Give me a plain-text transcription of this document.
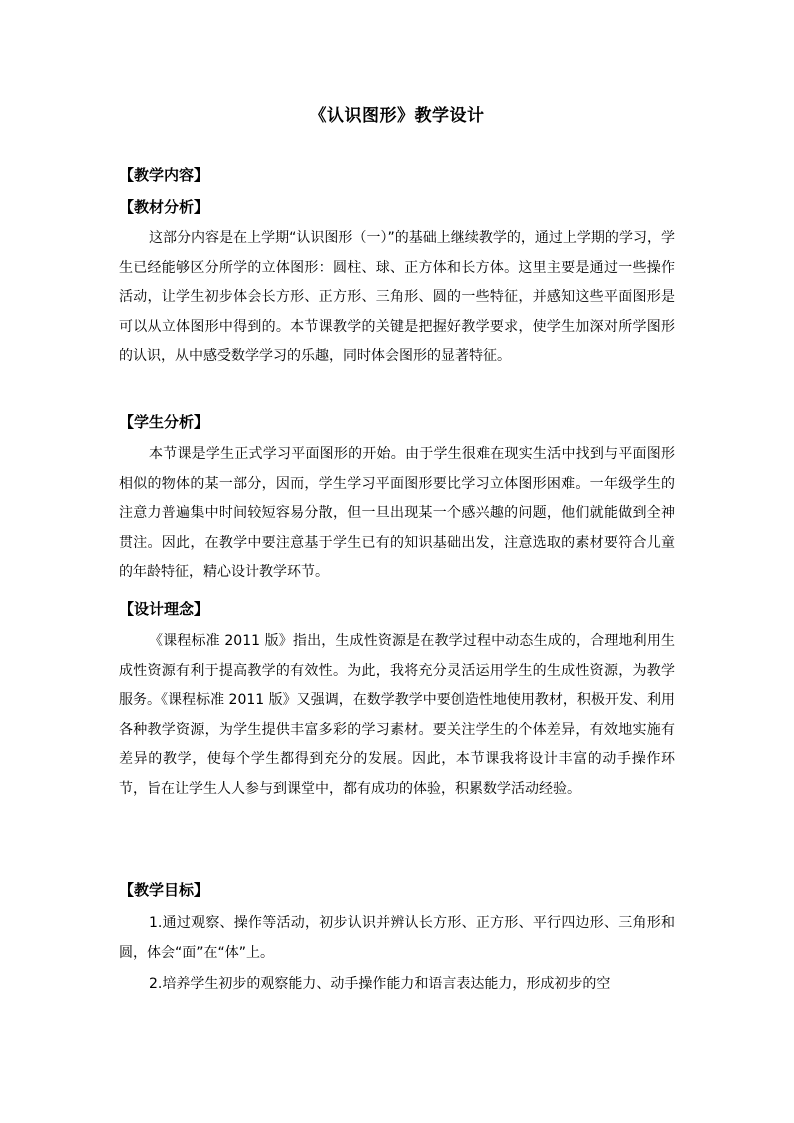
《认识图形》教学设计
【教学内容】
【教材分析】

这部分内容是在上学期“认识图形（一）”的基础上继续教学的，通过上学期的学习，学生已经能够区分所学的立体图形：圆柱、球、正方体和长方体。这里主要是通过一些操作活动，让学生初步体会长方形、正方形、三角形、圆的一些特征，并感知这些平面图形是可以从立体图形中得到的。本节课教学的关键是把握好教学要求，使学生加深对所学图形的认识，从中感受数学学习的乐趣，同时体会图形的显著特征。

【学生分析】

本节课是学生正式学习平面图形的开始。由于学生很难在现实生活中找到与平面图形相似的物体的某一部分，因而，学生学习平面图形要比学习立体图形困难。一年级学生的注意力普遍集中时间较短容易分散，但一旦出现某一个感兴趣的问题，他们就能做到全神贯注。因此，在教学中要注意基于学生已有的知识基础出发，注意选取的素材要符合儿童的年龄特征，精心设计教学环节。

【设计理念】

《课程标准 2011 版》指出，生成性资源是在教学过程中动态生成的，合理地利用生成性资源有利于提高教学的有效性。为此，我将充分灵活运用学生的生成性资源，为教学服务。《课程标准 2011 版》又强调，在数学教学中要创造性地使用教材，积极开发、利用各种教学资源，为学生提供丰富多彩的学习素材。要关注学生的个体差异，有效地实施有差异的教学，使每个学生都得到充分的发展。因此，本节课我将设计丰富的动手操作环节，旨在让学生人人参与到课堂中，都有成功的体验，积累数学活动经验。

【教学目标】

1.通过观察、操作等活动，初步认识并辨认长方形、正方形、平行四边形、三角形和圆，体会“面”在“体”上。

2.培养学生初步的观察能力、动手操作能力和语言表达能力，形成初步的空
